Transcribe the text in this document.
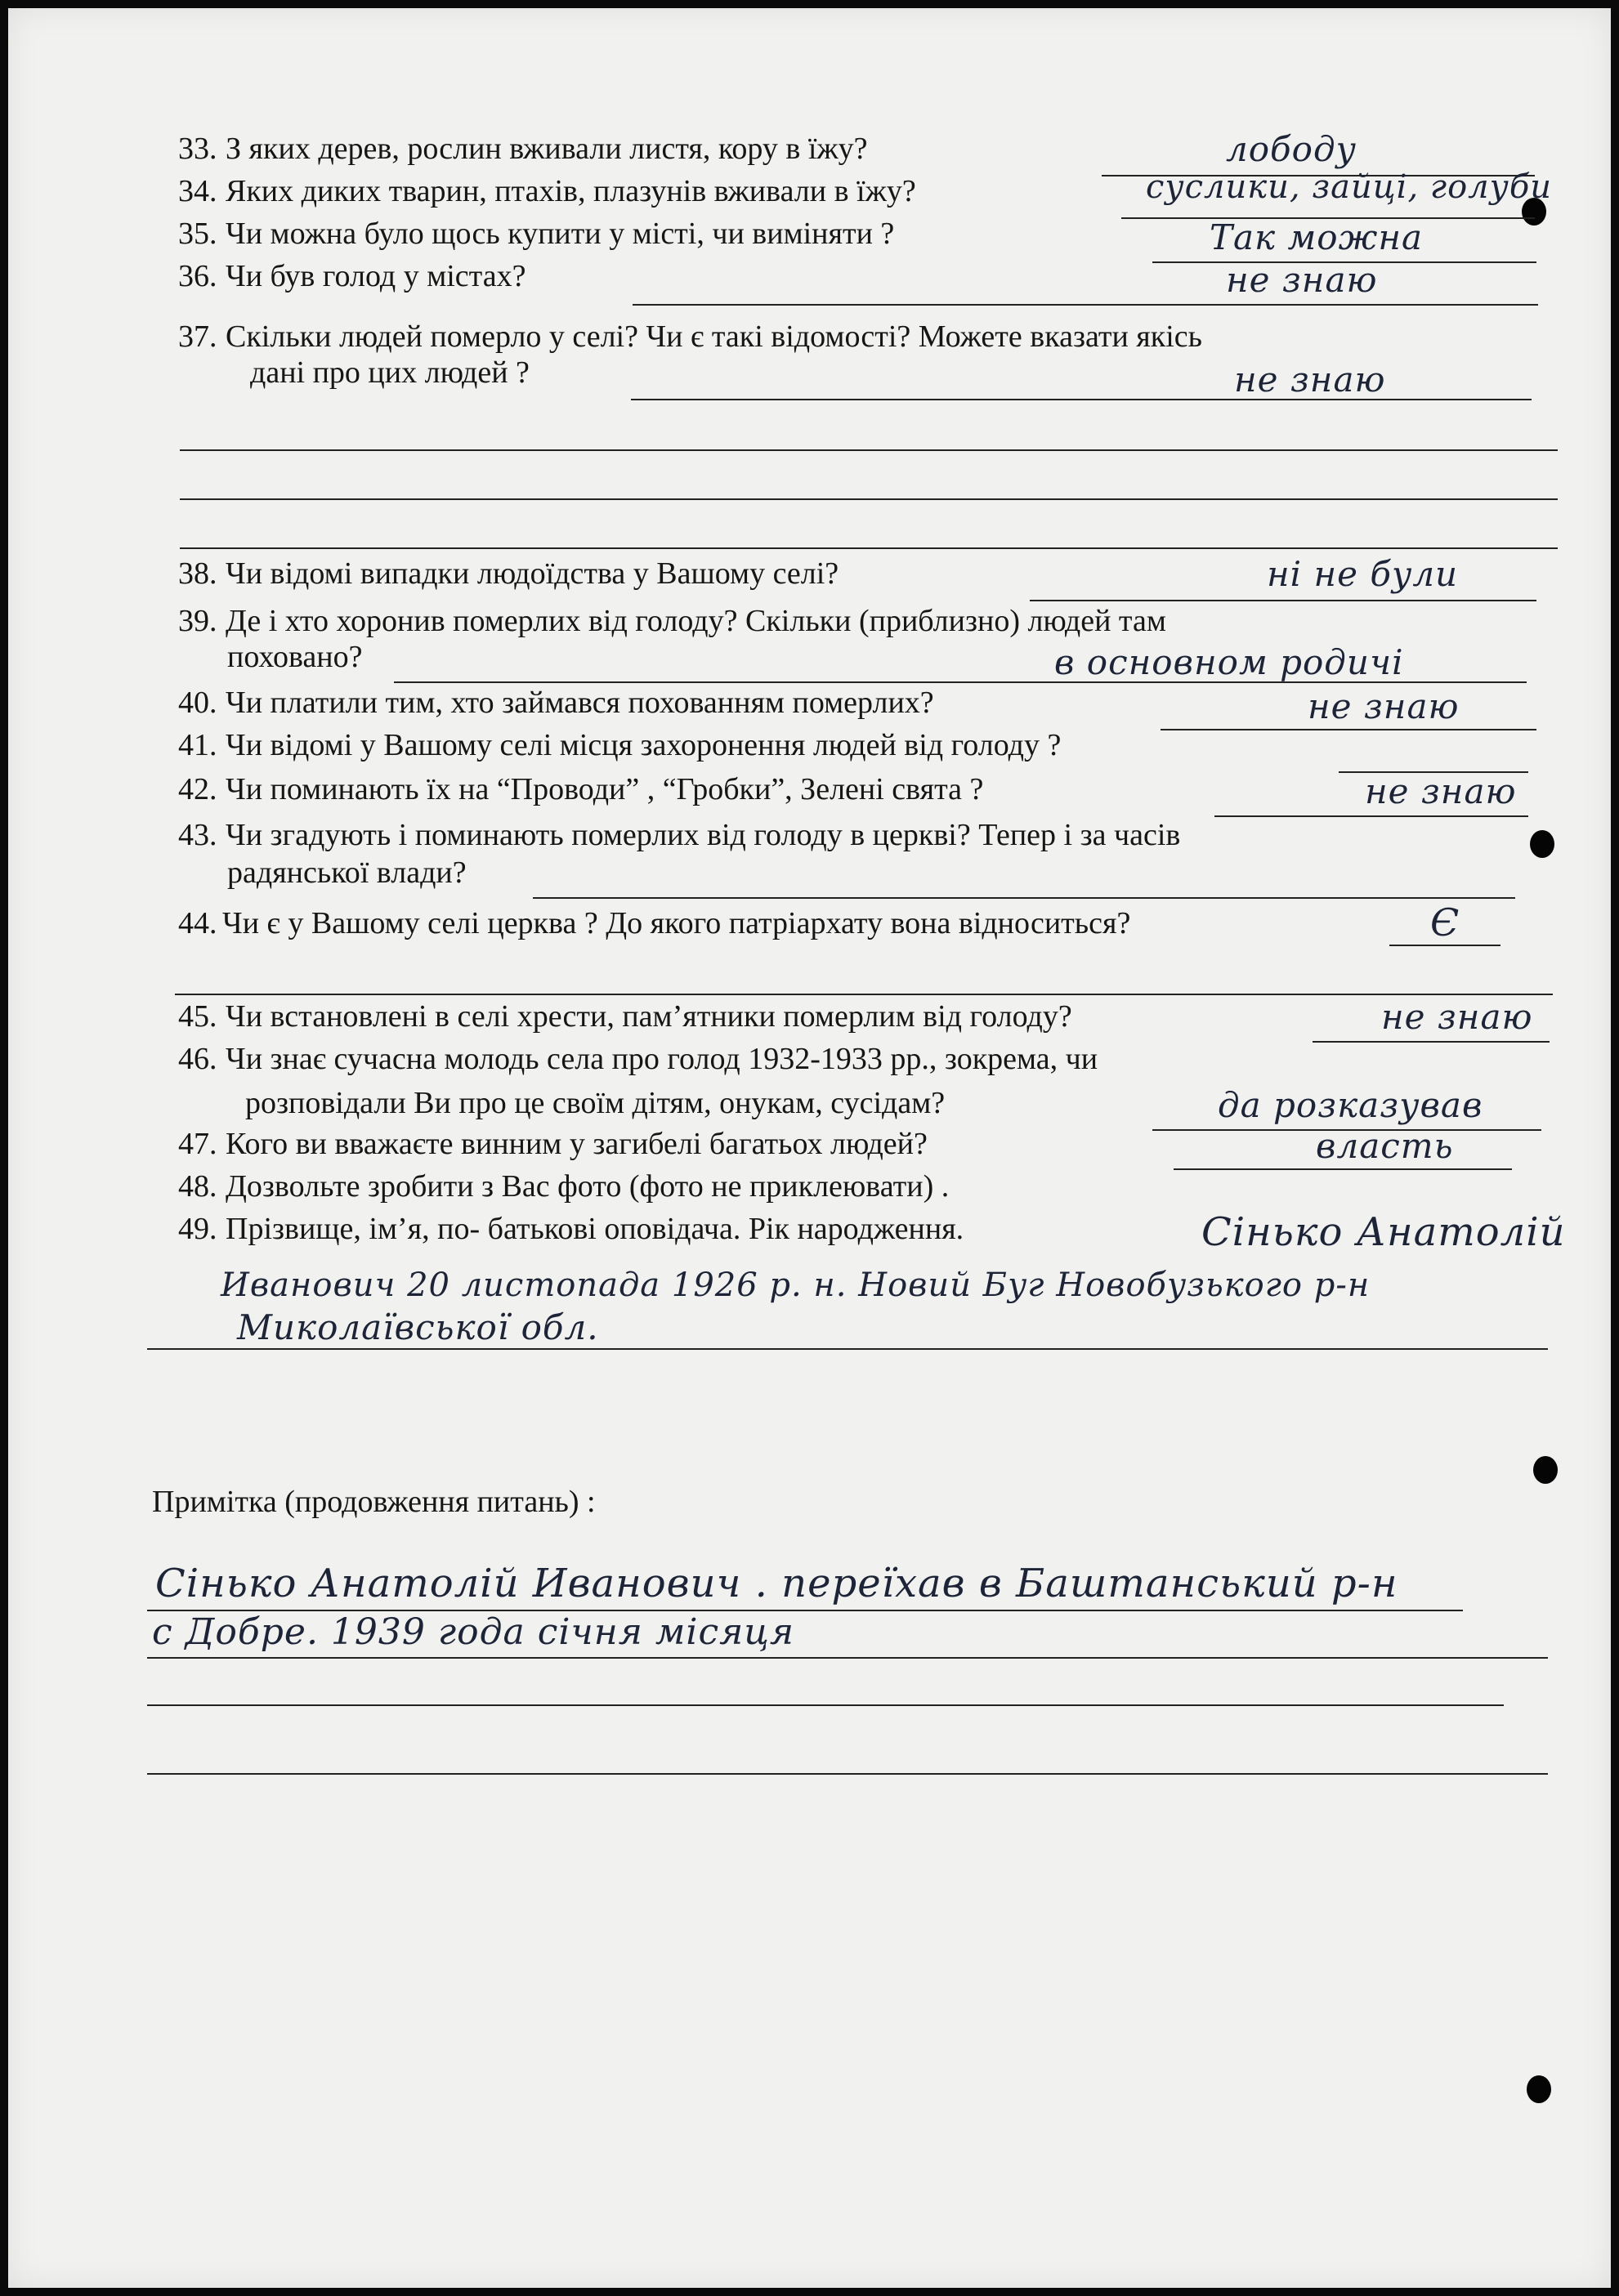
33. З яких дерев, рослин вживали листя, кору в їжу?	лободу
34. Яких диких тварин, птахів, плазунів вживали в їжу?	суслики, зайці, голуби
35. Чи можна було щось купити у місті, чи виміняти ?	Так можна
36. Чи був голод у містах?	не знаю
37. Скільки людей померло у селі? Чи є такі відомості? Можете вказати якісь
дані про цих людей ?	не знаю
38. Чи відомі випадки людоїдства у Вашому селі?	ні не були
39. Де і хто хоронив померлих від голоду? Скільки (приблизно) людей там
поховано?	в основном родичі
40. Чи платили тим, хто займався похованням померлих?	не знаю
41. Чи відомі у Вашому селі місця захоронення людей від голоду ?
42. Чи поминають їх на “Проводи” , “Гробки”, Зелені свята ?	не знаю
43. Чи згадують і поминають померлих від голоду в церкві? Тепер і за часів
радянської влади?
44. Чи є у Вашому селі церква ? До якого патріархату вона відноситься?	Є
45. Чи встановлені в селі хрести, пам’ятники померлим від голоду?	не знаю
46. Чи знає сучасна молодь села про голод 1932-1933 рр., зокрема, чи
розповідали Ви про це своїм дітям, онукам, сусідам?	да розказував
47. Кого ви вважаєте винним у загибелі багатьох людей?	власть
48. Дозвольте зробити з Вас фото (фото не приклеювати) .
49. Прізвище, ім’я, по- батькові оповідача. Рік народження.	Сінько Анатолій
Иванович 20 листопада 1926 р. н. Новий Буг Новобузького р-н
Миколаївської обл.
Примітка (продовження питань) :
Сінько Анатолій Иванович . переїхав в Баштанський р-н
с Добре. 1939 года січня місяця
